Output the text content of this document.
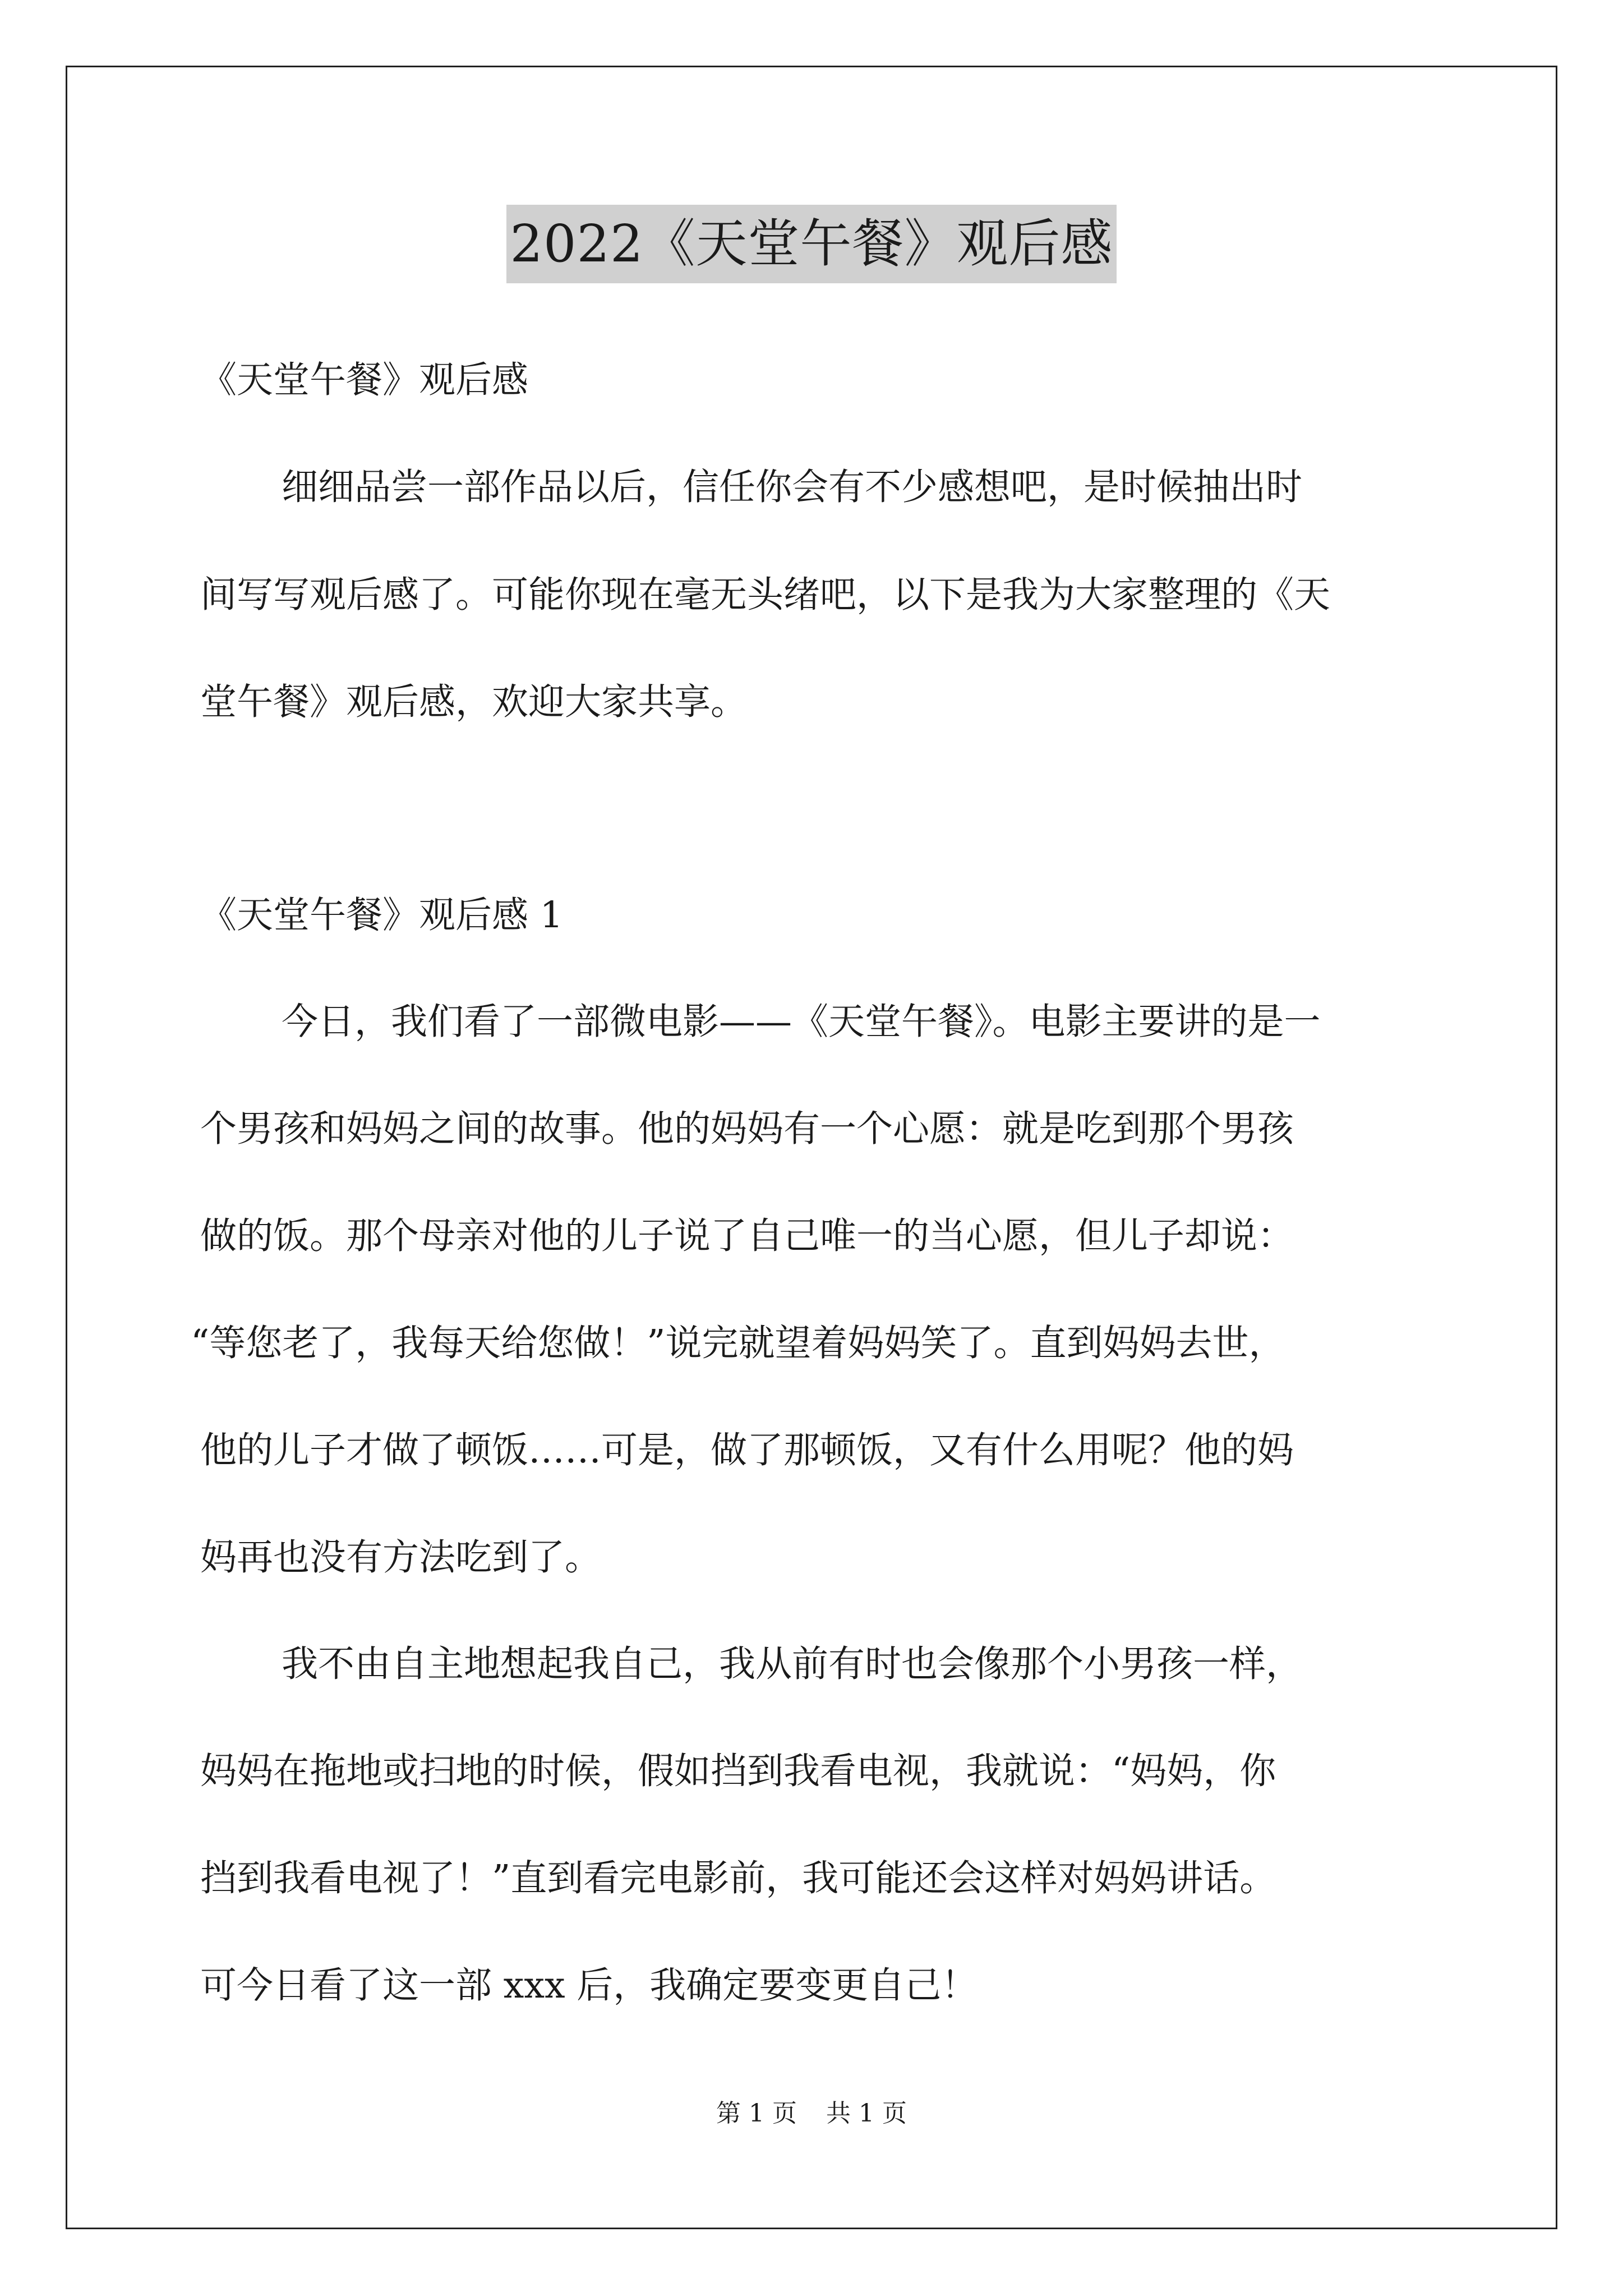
2022《天堂午餐》观后感
《天堂午餐》观后感
细细品尝一部作品以后，信任你会有不少感想吧，是时候抽出时
间写写观后感了。可能你现在毫无头绪吧，以下是我为大家整理的《天
堂午餐》观后感，欢迎大家共享。
《天堂午餐》观后感 1
今日，我们看了一部微电影——《天堂午餐》。电影主要讲的是一
个男孩和妈妈之间的故事。他的妈妈有一个心愿：就是吃到那个男孩
做的饭。那个母亲对他的儿子说了自己唯一的当心愿，但儿子却说：
“等您老了，我每天给您做！”说完就望着妈妈笑了。直到妈妈去世，
他的儿子才做了顿饭……可是，做了那顿饭，又有什么用呢？他的妈
妈再也没有方法吃到了。
我不由自主地想起我自己，我从前有时也会像那个小男孩一样，
妈妈在拖地或扫地的时候，假如挡到我看电视，我就说：“妈妈，你
挡到我看电视了！”直到看完电影前，我可能还会这样对妈妈讲话。
可今日看了这一部 xxx 后，我确定要变更自己！
第 1 页 共 1 页
